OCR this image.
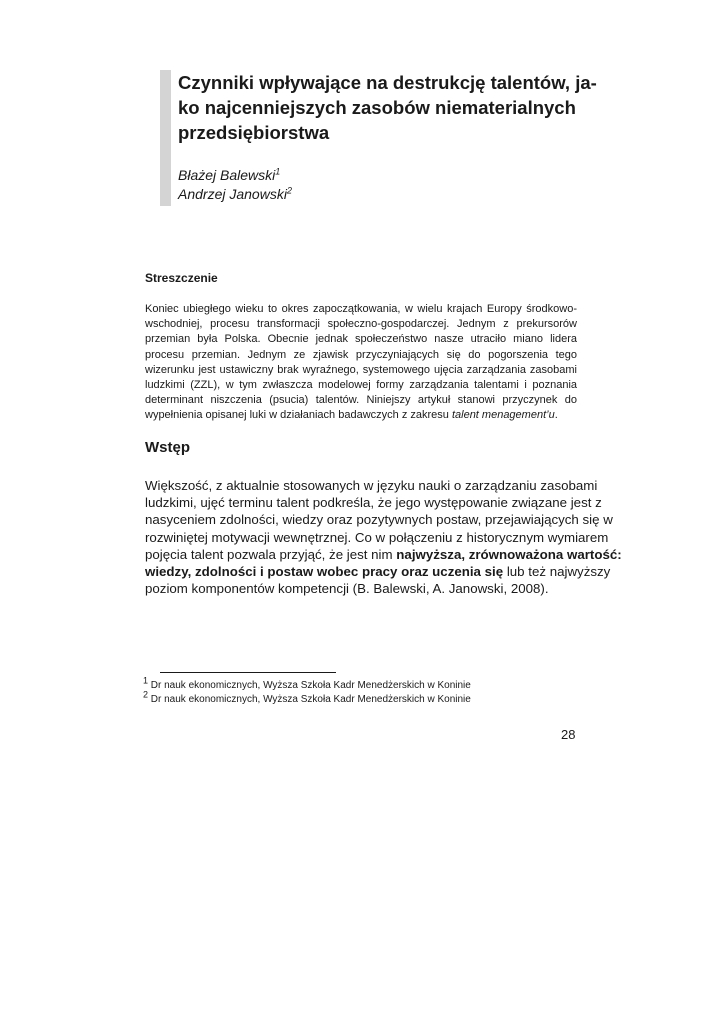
Czynniki wpływające na destrukcję talentów, ja-
ko najcenniejszych zasobów niematerialnych
przedsiębiorstwa
Błażej Balewski$^1$
Andrzej Janowski$^2$
Streszczenie
Koniec ubiegłego wieku to okres zapoczątkowania, w wielu krajach Europy środkowo-
wschodniej, procesu transformacji społeczno-gospodarczej. Jednym z prekursorów
przemian była Polska. Obecnie jednak społeczeństwo nasze utraciło miano lidera
procesu przemian. Jednym ze zjawisk przyczyniających się do pogorszenia tego
wizerunku jest ustawiczny brak wyraźnego, systemowego ujęcia zarządzania zasobami
ludzkimi (ZZL), w tym zwłaszcza modelowej formy zarządzania talentami i poznania
determinant niszczenia (psucia) talentów. Niniejszy artykuł stanowi przyczynek do
wypełnienia opisanej luki w działaniach badawczych z zakresu talent menagement’u.
Wstęp
Większość, z aktualnie stosowanych w języku nauki o zarządzaniu zasobami
ludzkimi, ujęć terminu talent podkreśla, że jego występowanie związane jest z
nasyceniem zdolności, wiedzy oraz pozytywnych postaw, przejawiających się w
rozwiniętej motywacji wewnętrznej. Co w połączeniu z historycznym wymiarem
pojęcia talent pozwala przyjąć, że jest nim najwyższa, zrównoważona wartość:
wiedzy, zdolności i postaw wobec pracy oraz uczenia się lub też najwyższy
poziom komponentów kompetencji (B. Balewski, A. Janowski, 2008).
$^1$ Dr nauk ekonomicznych, Wyższa Szkoła Kadr Menedżerskich w Koninie
$^2$ Dr nauk ekonomicznych, Wyższa Szkoła Kadr Menedżerskich w Koninie
28
